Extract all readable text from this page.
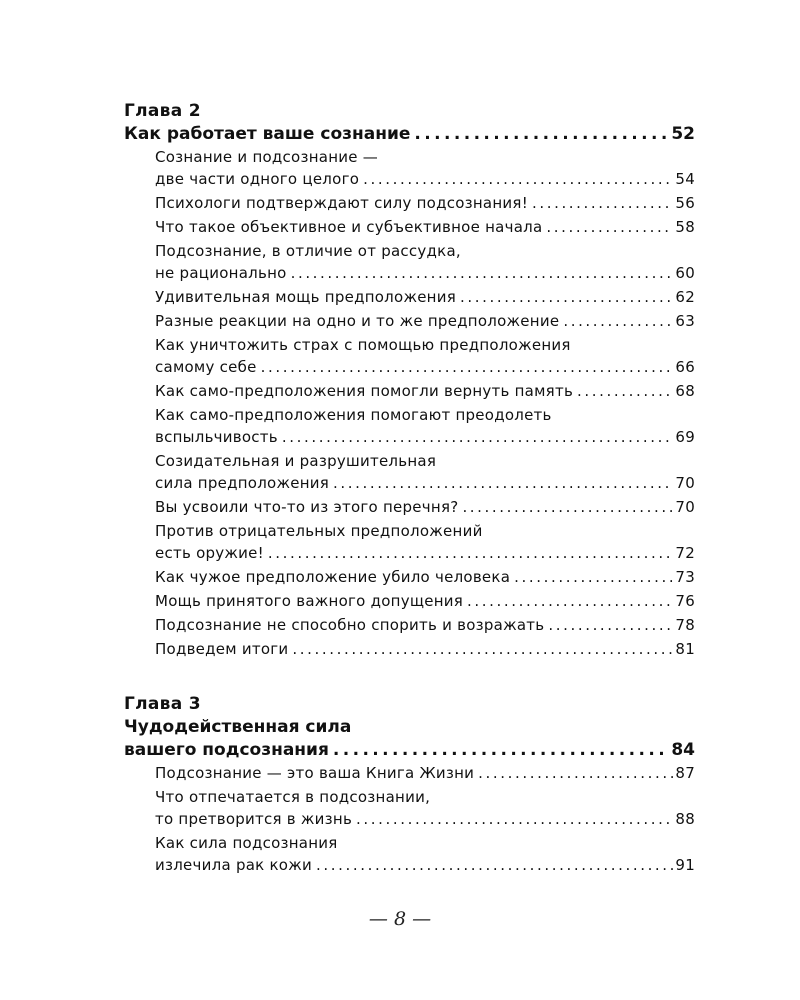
Глава 2
Как работает ваше сознание .....	52
Сознание и подсознание —
две части одного целого .....	54
Психологи подтверждают силу подсознания! .....	56
Что такое объективное и субъективное начала .....	58
Подсознание, в отличие от рассудка,
не рационально .....	60
Удивительная мощь предположения .....	62
Разные реакции на одно и то же предположение .....	63
Как уничтожить страх с помощью предположения
самому себе .....	66
Как само-предположения помогли вернуть память .....	68
Как само-предположения помогают преодолеть
вспыльчивость .....	69
Созидательная и разрушительная
сила предположения .....	70
Вы усвоили что-то из этого перечня? .....	70
Против отрицательных предположений
есть оружие! .....	72
Как чужое предположение убило человека .....	73
Мощь принятого важного допущения .....	76
Подсознание не способно спорить и возражать .....	78
Подведем итоги .....	81
Глава 3
Чудодейственная сила
вашего подсознания .....	84
Подсознание — это ваша Книга Жизни .....	87
Что отпечатается в подсознании,
то претворится в жизнь .....	88
Как сила подсознания
излечила рак кожи .....	91
— 8 —
